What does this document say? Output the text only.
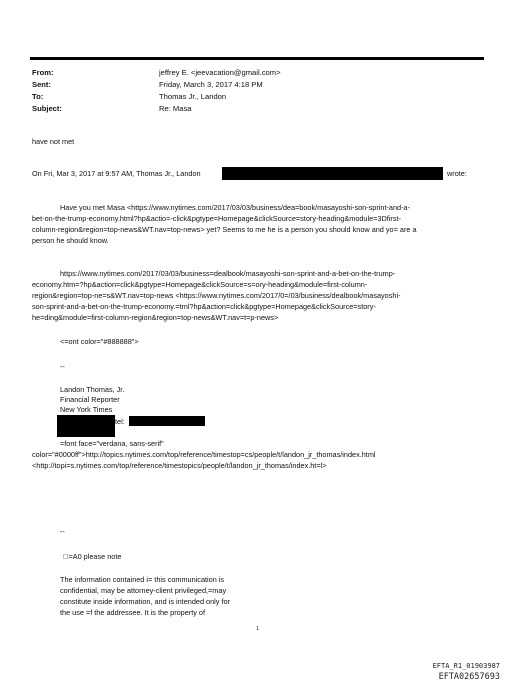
From:	jeffrey E. <jeevacation@gmail.com>
Sent:	Friday, March 3, 2017 4:18 PM
To:	Thomas Jr., Landon
Subject:	Re: Masa
have not met
On Fri, Mar 3, 2017 at 9:57 AM, Thomas Jr., Landon	wrote:
Have you met Masa <https://www.nytimes.com/2017/03/03/business/dea=book/masayoshi-son-sprint-and-a-
bet-on-the-trump-economy.html?hp&actio=-click&pgtype=Homepage&clickSource=story-heading&module=3Dfirst-
column-region&region=top-news&WT.nav=top-news> yet? Seems to me he is a person you should know and yo= are a
person he should know.
https://www.nytimes.com/2017/03/03/business=dealbook/masayoshi-son-sprint-and-a-bet-on-the-trump-
economy.htm=?hp&action=click&pgtype=Homepage&clickSource=s=ory-heading&module=first-column-
region&region=top-ne=s&WT.nav=top-news <https://www.nytimes.com/2017/0=/03/business/dealbook/masayoshi-
son-sprint-and-a-bet-on-the-trump-economy.=tml?hp&action=click&pgtype=Homepage&clickSource=story-
he=ding&module=first-column-region&region=top-news&WT.nav=t=p-news>
<=ont color="#888888">
--
Landon Thomas, Jr.
Financial Reporter
New York Times
tel:
=font face="verdana, sans-serif"
color="#0000ff">http://topics.nytimes.com/top/reference/timestop=cs/people/t/landon_jr_thomas/index.html
<http://topi=s.nytimes.com/top/reference/timestopics/people/t/landon_jr_thomas/index.ht=l>
--
 =A0 please note
The information contained i= this communication is
confidential, may be attorney-client privileged,=may
constitute inside information, and is intended only for
the use =f the addressee. It is the property of
1
EFTA_R1_01903987
EFTA02657693
